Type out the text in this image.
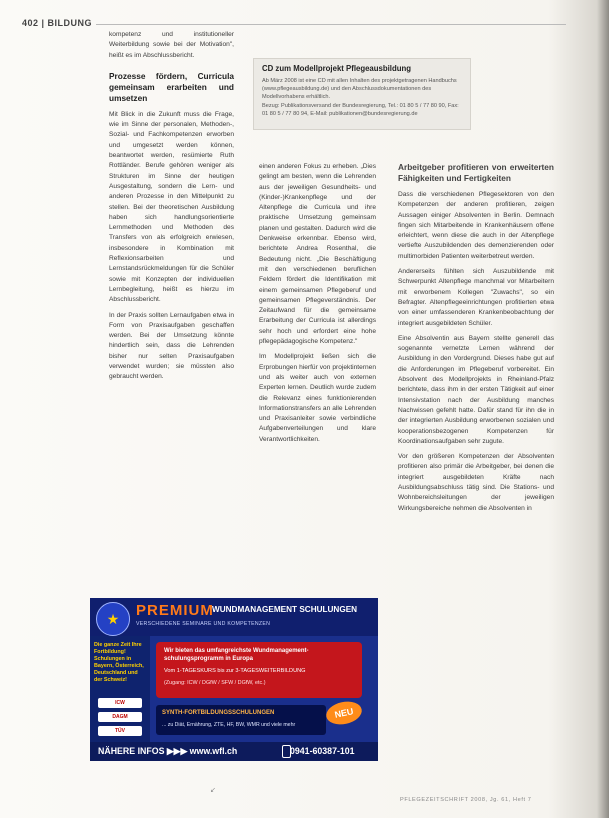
402 | BILDUNG

kompetenz und institutioneller Weiterbildung sowie bei der Motivation", heißt es im Abschlussbericht.

Prozesse fördern, Curricula gemeinsam erarbeiten und umsetzen

Mit Blick in die Zukunft muss die Frage, wie im Sinne der personalen, Methoden-, Sozial- und Fachkompetenzen erworben und umgesetzt werden können, beantwortet werden, resümierte Ruth Rottländer. Berufe gehören weniger als Strukturen im Sinne der heutigen Ausgestaltung, sondern die Lern- und anderen Prozesse in den Mittelpunkt zu stellen. Bei der theoretischen Ausbildung haben sich handlungsorientierte Lernmethoden und Methoden des Transfers von als erfolgreich erwiesen, insbesondere in Kombination mit Reflexionsarbeiten und Lernstandsrückmeldungen für die Schüler sowie mit Konzepten der individuellen Lernbegleitung, heißt es hierzu im Abschlussbericht.

In der Praxis sollten Lernaufgaben etwa in Form von Praxisaufgaben geschaffen werden. Bei der Umsetzung könnte hindertlich sein, dass die Lehrenden bisher nur selten Praxisaufgaben verwendet wurden; sie müssten also gebraucht werden.

CD zum Modellprojekt Pflegeausbildung
Ab März 2008 ist eine CD mit allen Inhalten des projektgetragenen Handbuchs (www.pflegeausbildung.de) und den Abschlussdokumentationen des Modellvorhabens erhältlich.
Bezug: Publikationsversand der Bundesregierung, Tel.: 01 80 5 / 77 80 90, Fax: 01 80 5 / 77 80 94, E-Mail: publikationen@bundesregierung.de

einen anderen Fokus zu erheben. „Dies gelingt am besten, wenn die Lehrenden aus der jeweiligen Gesundheits- und (Kinder-)Krankenpflege und der Altenpflege die Curricula und ihre praktische Umsetzung gemeinsam planen und gestalten. Dadurch wird die Denkweise erkennbar. Ebenso wird, berichtete Andrea Rosenthal, die Bedeutung nicht. „Die Beschäftigung mit den verschiedenen beruflichen Feldern fördert die Identifikation mit einem gemeinsamen Pflegeberuf und gemeinsamen Pflegeverständnis. Der Zeitaufwand für die gemeinsame Erarbeitung der Curricula ist allerdings sehr hoch und erfordert eine hohe pflegepädagogische Kompetenz."

Im Modellprojekt ließen sich die Erprobungen hierfür von projektinternen und als weiter auch von externen Experten lernen. Deutlich wurde zudem die Relevanz eines funktionierenden Informationstransfers an alle Lehrenden und Praxisanleiter sowie verbindliche Aufgabenverteilungen und klare Verantwortlichkeiten.

Arbeitgeber profitieren von erweiterten Fähigkeiten und Fertigkeiten

Dass die verschiedenen Pflegesektoren von den Kompetenzen der anderen profitieren, zeigen Aussagen einiger Absolventen in Berlin. Demnach fingen sich Mitarbeitende in Krankenhäusern offene erleichtert, wenn diese die auch in der Altenpflege vertiefte Auszubildenden des demenzierenden oder multimorbiden Patienten weiterbetreut werden.

Andererseits fühlten sich Auszubildende mit Schwerpunkt Altenpflege manchmal vor Mitarbeitern mit erworbenem Kollegen "Zuwachs", so ein Befragter. Altenpflegeeinrichtungen profitierten etwa von einer umfassenderen Krankenbeobachtung der integriert ausgebildeten Schüler.

Eine Absolventin aus Bayern stellte generell das sogenannte vernetzte Lernen während der Ausbildung in den Vordergrund. Dieses habe gut auf die Anforderungen im Pflegeberuf vorbereitet. Ein Absolvent des Modellprojekts in Rheinland-Pfalz berichtete, dass ihm in der ersten Tätigkeit auf einer Intensivstation nach der Ausbildung manches Nachwissen gefehlt hatte. Dafür stand für ihn die in der integrierten Ausbildung erworbenen sozialen und kooperationsbezogenen Kompetenzen für Koordinationsaufgaben sehr zugute.

Vor den größeren Kompetenzen der Absolventen profitieren also primär die Arbeitgeber, bei denen die integriert ausgebildeten Kräfte nach Ausbildungsabschluss tätig sind. Die Stations- und Wohnbereichsleitungen der jeweiligen Wirkungsbereiche nehmen die Absolventen in

★	PREMIUM
WUNDMANAGEMENT SCHULUNGEN
VERSCHIEDENE SEMINARE UND KOMPETENZEN
Die ganze Zeit Ihre Fortbildung! Schulungen in Bayern, Österreich, Deutschland und der Schweiz!
ICW
DAGM
TÜV
Wir bieten das umfangreichste Wundmanagement-schulungsprogramm in Europa
Vom 1-TAGESKURS bis zur 3-TAGESWEITERBILDUNG
(Zugang: ICW / DGfW / SFW / DGfW, etc.)
NEU
SYNTH-FORTBILDUNGSSCHULUNGEN
... zu Diät, Ernährung, ZTE, HF, BW, WMR und viele mehr
NÄHERE INFOS ▶▶▶ www.wfl.ch	0941-60387-101
↙
PFLEGEZEITSCHRIFT 2008, Jg. 61, Heft 7
